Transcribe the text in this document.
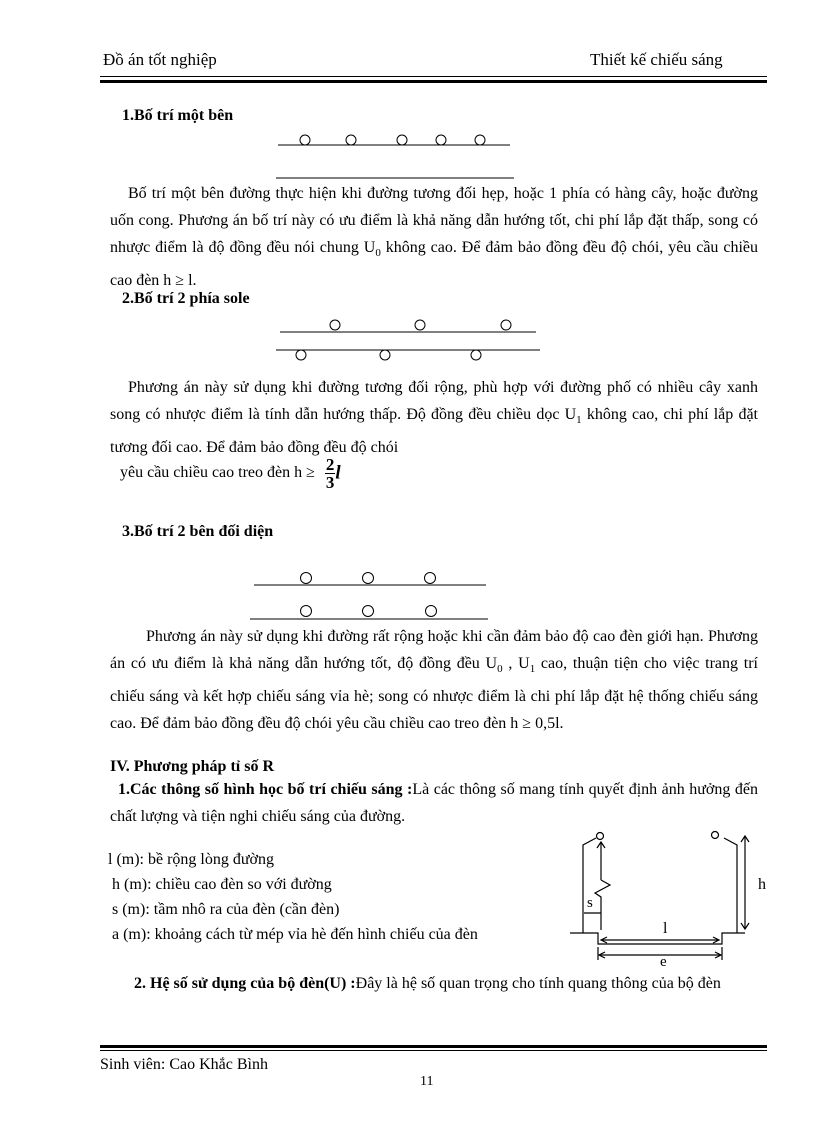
Đồ án tốt nghiệp	Thiết kế chiếu sáng
1.Bố trí một bên
Bố trí một bên đường thực hiện khi đường tương đối hẹp, hoặc 1 phía có hàng cây, hoặc đường uốn cong. Phương án bố trí này có ưu điểm là khả năng dẫn hướng tốt, chi phí lắp đặt thấp, song có nhược điểm là độ đồng đều nói chung $U_0$ không cao. Để đảm bảo đồng đều độ chói, yêu cầu chiều cao đèn h ≥ l.
2.Bố trí 2 phía sole
Phương án này sử dụng khi đường tương đối rộng, phù hợp với đường phố có nhiều cây xanh song có nhược điểm là tính dẫn hướng thấp. Độ đồng đều chiều dọc $U_1$ không cao, chi phí lắp đặt tương đối cao. Để đảm bảo đồng đều độ chói
yêu cầu chiều cao treo đèn $h \ge \frac{2}{3}$ l
3.Bố trí 2 bên đối diện
Phương án này sử dụng khi đường rất rộng hoặc khi cần đảm bảo độ cao đèn giới hạn. Phương án có ưu điểm là khả năng dẫn hướng tốt, độ đồng đều $U_0$ , $U_1$ cao, thuận tiện cho việc trang trí chiếu sáng và kết hợp chiếu sáng vỉa hè; song có nhược điểm là chi phí lắp đặt hệ thống chiếu sáng cao. Để đảm bảo đồng đều độ chói yêu cầu chiều cao treo đèn h ≥ 0,5l.
IV. Phương pháp tỉ số R
1.Các thông số hình học bố trí chiếu sáng :Là các thông số mang tính quyết định ảnh hưởng đến chất lượng và tiện nghi chiếu sáng của đường.
l (m): bề rộng lòng đường
h (m): chiều cao đèn so với đường
s (m): tầm nhô ra của đèn (cần đèn)
a (m): khoảng cách từ mép vỉa hè đến hình chiếu của đèn
h
s
l
e
2. Hệ số sử dụng của bộ đèn(U) :Đây là hệ số quan trọng cho tính quang thông của bộ đèn
Sinh viên: Cao Khắc Bình
11
